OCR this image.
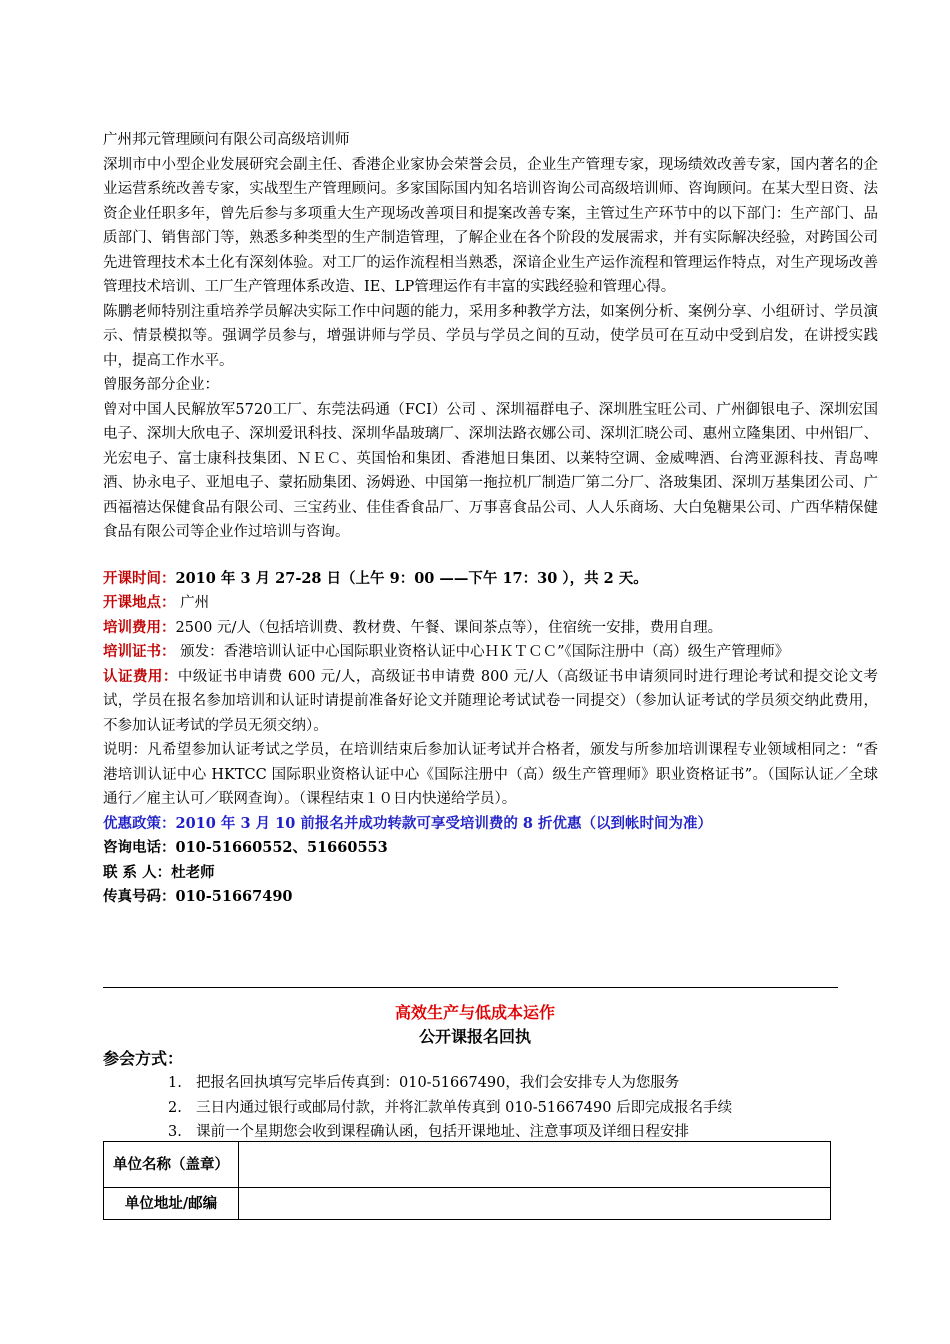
广州邦元管理顾问有限公司高级培训师

深圳市中小型企业发展研究会副主任、香港企业家协会荣誉会员，企业生产管理专家，现场绩效改善专家，国内著名的企业运营系统改善专家，实战型生产管理顾问。多家国际国内知名培训咨询公司高级培训师、咨询顾问。在某大型日资、法资企业任职多年，曾先后参与多项重大生产现场改善项目和提案改善专案，主管过生产环节中的以下部门：生产部门、品质部门、销售部门等，熟悉多种类型的生产制造管理，了解企业在各个阶段的发展需求，并有实际解决经验，对跨国公司先进管理技术本土化有深刻体验。对工厂的运作流程相当熟悉，深谙企业生产运作流程和管理运作特点，对生产现场改善管理技术培训、工厂生产管理体系改造、IE、LP管理运作有丰富的实践经验和管理心得。

陈鹏老师特别注重培养学员解决实际工作中问题的能力，采用多种教学方法，如案例分析、案例分享、小组研讨、学员演示、情景模拟等。强调学员参与，增强讲师与学员、学员与学员之间的互动，使学员可在互动中受到启发，在讲授实践中，提高工作水平。

曾服务部分企业：

曾对中国人民解放军5720工厂、东莞法码通（FCI）公司 、深圳福群电子、深圳胜宝旺公司、广州御银电子、深圳宏国电子、深圳大欣电子、深圳爱讯科技、深圳华晶玻璃厂、深圳法路衣娜公司、深圳汇晓公司、惠州立隆集团、中州铝厂、光宏电子、富士康科技集团、ＮＥＣ、英国怡和集团、香港旭日集团、以莱特空调、金威啤酒、台湾亚源科技、青岛啤酒、协永电子、亚旭电子、蒙拓励集团、汤姆逊、中国第一拖拉机厂制造厂第二分厂、洛玻集团、深圳万基集团公司、广西福禧达保健食品有限公司、三宝药业、佳佳香食品厂、万事喜食品公司、人人乐商场、大白兔糖果公司、广西华精保健食品有限公司等企业作过培训与咨询。

开课时间：2010 年 3 月 27-28 日（上午 9：00 ——下午 17：30 ），共 2 天。

开课地点： 广州

培训费用：2500 元/人（包括培训费、教材费、午餐、课间茶点等），住宿统一安排，费用自理。

培训证书： 颁发：香港培训认证中心国际职业资格认证中心ＨＫＴＣＣ”《国际注册中（高）级生产管理师》

认证费用：中级证书申请费 600 元/人，高级证书申请费 800 元/人（高级证书申请须同时进行理论考试和提交论文考试，学员在报名参加培训和认证时请提前准备好论文并随理论考试试卷一同提交）（参加认证考试的学员须交纳此费用，不参加认证考试的学员无须交纳）。

说明：凡希望参加认证考试之学员，在培训结束后参加认证考试并合格者，颁发与所参加培训课程专业领域相同之：“香港培训认证中心 HKTCC 国际职业资格认证中心《国际注册中（高）级生产管理师》职业资格证书”。（国际认证／全球通行／雇主认可／联网查询）。（课程结束１０日内快递给学员）。

优惠政策：2010 年 3 月 10 前报名并成功转款可享受培训费的 8 折优惠（以到帐时间为准）

咨询电话：010-51660552、51660553

联 系 人：杜老师

传真号码：010-51667490

高效生产与低成本运作
公开课报名回执
参会方式：
1. 把报名回执填写完毕后传真到：010-51667490，我们会安排专人为您服务
2. 三日内通过银行或邮局付款，并将汇款单传真到 010-51667490 后即完成报名手续
3. 课前一个星期您会收到课程确认函，包括开课地址、注意事项及详细日程安排
单位名称（盖章）	
单位地址/邮编	
